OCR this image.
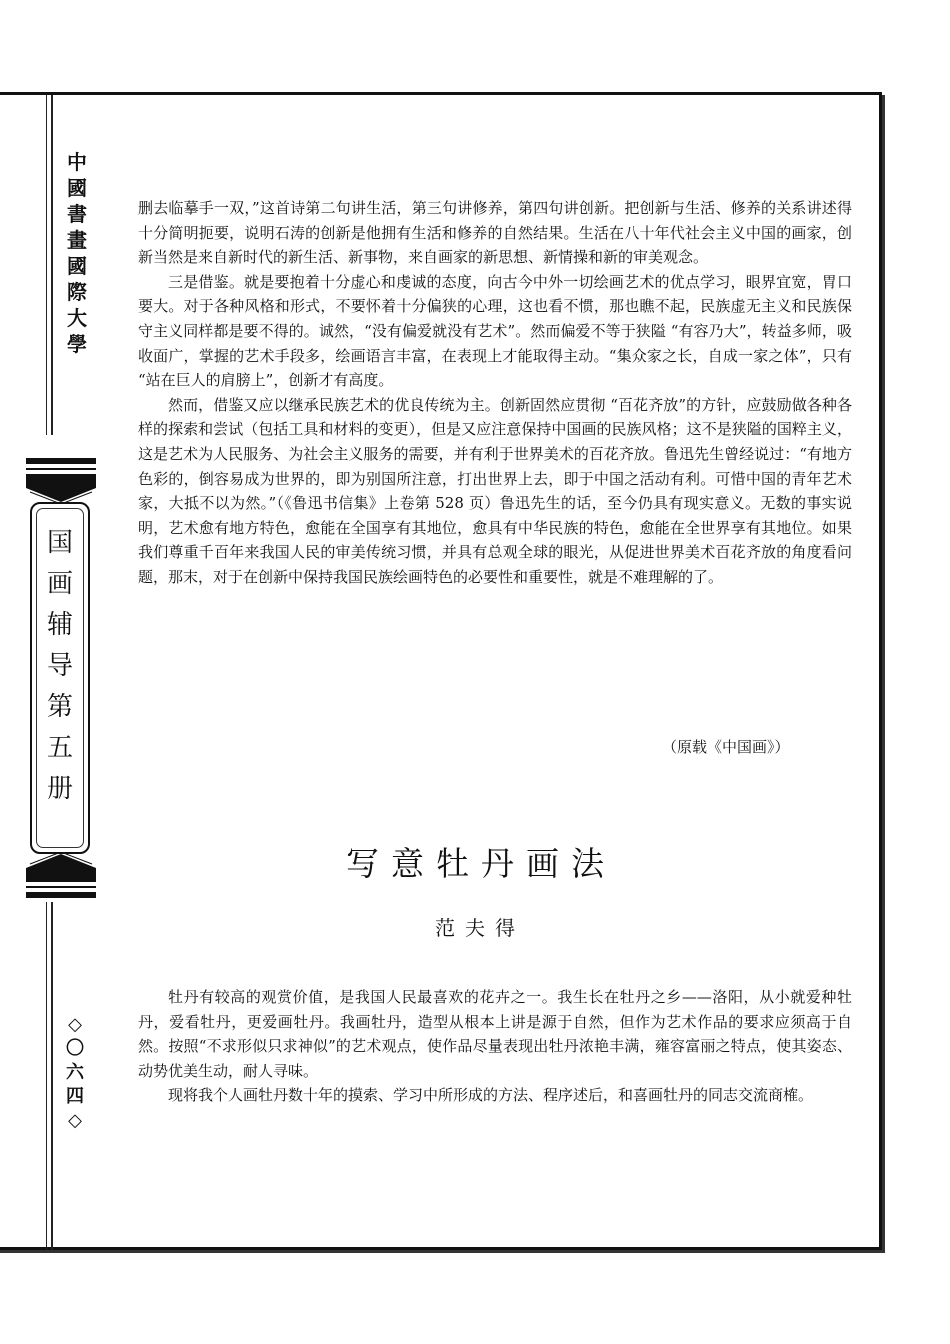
中
國
書
畫
國
際
大
學
国
画
辅
导
第
五
册
◇
〇
六
四
◇

删去临摹手一双，”这首诗第二句讲生活，第三句讲修养，第四句讲创新。把创新与生活、修养的关系讲述得十分简明扼要，说明石涛的创新是他拥有生活和修养的自然结果。生活在八十年代社会主义中国的画家，创新当然是来自新时代的新生活、新事物，来自画家的新思想、新情操和新的审美观念。

三是借鉴。就是要抱着十分虚心和虔诚的态度，向古今中外一切绘画艺术的优点学习，眼界宜宽，胃口要大。对于各种风格和形式，不要怀着十分偏狭的心理，这也看不惯，那也瞧不起，民族虚无主义和民族保守主义同样都是要不得的。诚然，“没有偏爱就没有艺术”。然而偏爱不等于狭隘 “有容乃大”，转益多师，吸收面广，掌握的艺术手段多，绘画语言丰富，在表现上才能取得主动。“集众家之长，自成一家之体”，只有 “站在巨人的肩膀上”，创新才有高度。

然而，借鉴又应以继承民族艺术的优良传统为主。创新固然应贯彻 “百花齐放”的方针，应鼓励做各种各样的探索和尝试（包括工具和材料的变更），但是又应注意保持中国画的民族风格；这不是狭隘的国粹主义，这是艺术为人民服务、为社会主义服务的需要，并有利于世界美术的百花齐放。鲁迅先生曾经说过：“有地方色彩的，倒容易成为世界的，即为别国所注意，打出世界上去，即于中国之活动有利。可惜中国的青年艺术家，大抵不以为然。”（《鲁迅书信集》上卷第 528 页）鲁迅先生的话，至今仍具有现实意义。无数的事实说明，艺术愈有地方特色，愈能在全国享有其地位，愈具有中华民族的特色，愈能在全世界享有其地位。如果我们尊重千百年来我国人民的审美传统习惯，并具有总观全球的眼光，从促进世界美术百花齐放的角度看问题，那末，对于在创新中保持我国民族绘画特色的必要性和重要性，就是不难理解的了。

（原载《中国画》）
写意牡丹画法
范夫得

牡丹有较高的观赏价值，是我国人民最喜欢的花卉之一。我生长在牡丹之乡——洛阳，从小就爱种牡丹，爱看牡丹，更爱画牡丹。我画牡丹，造型从根本上讲是源于自然，但作为艺术作品的要求应须高于自然。按照“不求形似只求神似”的艺术观点，使作品尽量表现出牡丹浓艳丰满，雍容富丽之特点，使其姿态、动势优美生动，耐人寻味。

现将我个人画牡丹数十年的摸索、学习中所形成的方法、程序述后，和喜画牡丹的同志交流商榷。
